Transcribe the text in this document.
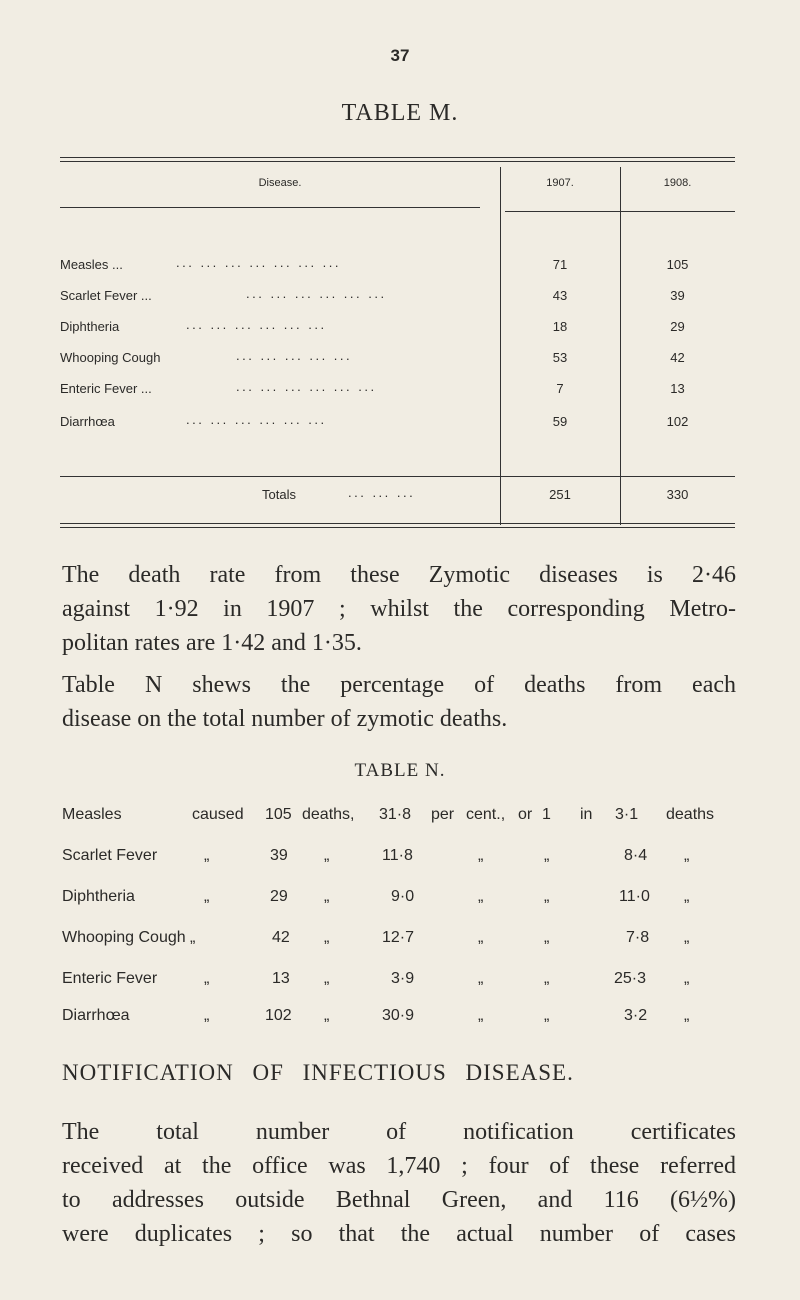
37
TABLE M.
Disease.	1907.	1908.
Measles ...	... ... ... ... ... ... ...	71	105
Scarlet Fever ...	... ... ... ... ... ...	43	39
Diphtheria	... ... ... ... ... ...	18	29
Whooping Cough	... ... ... ... ...	53	42
Enteric Fever ...	... ... ... ... ... ...	7	13
Diarrhœa	... ... ... ... ... ...	59	102
Totals	... ... ...	251	330
The death rate from these Zymotic diseases is 2·46
against 1·92 in 1907 ; whilst the corresponding Metro-
politan rates are 1·42 and 1·35.
Table N shews the percentage of deaths from each
disease on the total number of zymotic deaths.
TABLE N.
Measles	caused 105 deaths, 31·8 per cent., or 1 in 3·1 deaths
Scarlet Fever	„	39 „	11·8	„	„	8·4 „
Diphtheria	„	29 „	9·0	„	„	11·0 „
Whooping Cough „	42 „	12·7	„	„	7·8 „
Enteric Fever	„	13 „	3·9	„	„	25·3 „
Diarrhœa	„	102 „	30·9	„	„	3·2 „
NOTIFICATION OF INFECTIOUS DISEASE.
The total number of notification certificates
received at the office was 1,740 ; four of these referred
to addresses outside Bethnal Green, and 116 (6½%)
were duplicates ; so that the actual number of cases
